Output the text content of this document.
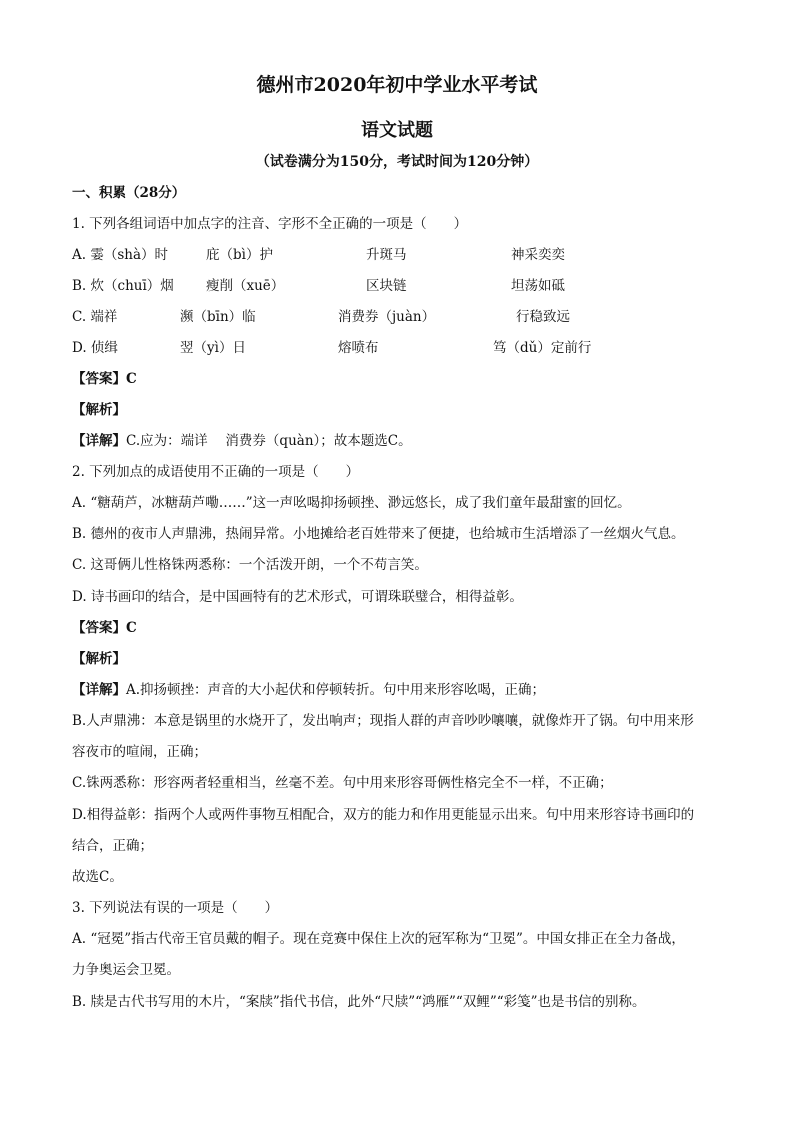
德州市2020年初中学业水平考试
语文试题
（试卷满分为150分，考试时间为120分钟）
一、积累（28分）
1. 下列各组词语中加点字的注音、字形不全正确的一项是（　　）
A. 霎（shà）时	庇（bì）护	升斑马	神采奕奕
B. 炊（chuī）烟 瘦削（xuē）	区块链	坦荡如砥
C. 端祥	濒（bīn）临	消费券（juàn）	行稳致远
D. 侦缉	翌（yì）日	熔喷布	笃（dǔ）定前行
【答案】C
【解析】
【详解】C.应为：端详　 消费券（quàn）；故本题选C。
2. 下列加点的成语使用不正确的一项是（　　）
A. “糖葫芦，冰糖葫芦嘞……”这一声吆喝抑扬顿挫、渺远悠长，成了我们童年最甜蜜的回忆。
B. 德州的夜市人声鼎沸，热闹异常。小地摊给老百姓带来了便捷，也给城市生活增添了一丝烟火气息。
C. 这哥俩儿性格铢两悉称：一个活泼开朗，一个不苟言笑。
D. 诗书画印的结合，是中国画特有的艺术形式，可谓珠联璧合，相得益彰。
【答案】C
【解析】
【详解】A.抑扬顿挫：声音的大小起伏和停顿转折。句中用来形容吆喝，正确；
B.人声鼎沸：本意是锅里的水烧开了，发出响声；现指人群的声音吵吵嚷嚷，就像炸开了锅。句中用来形
容夜市的喧闹，正确；
C.铢两悉称：形容两者轻重相当，丝毫不差。句中用来形容哥俩性格完全不一样，不正确；
D.相得益彰：指两个人或两件事物互相配合，双方的能力和作用更能显示出来。句中用来形容诗书画印的
结合，正确；
故选C。
3. 下列说法有误的一项是（　　）
A. “冠冕”指古代帝王官员戴的帽子。现在竞赛中保住上次的冠军称为“卫冕”。中国女排正在全力备战，
力争奥运会卫冕。
B. 牍是古代书写用的木片，“案牍”指代书信，此外“尺牍”“鸿雁”“双鲤”“彩笺”也是书信的别称。
